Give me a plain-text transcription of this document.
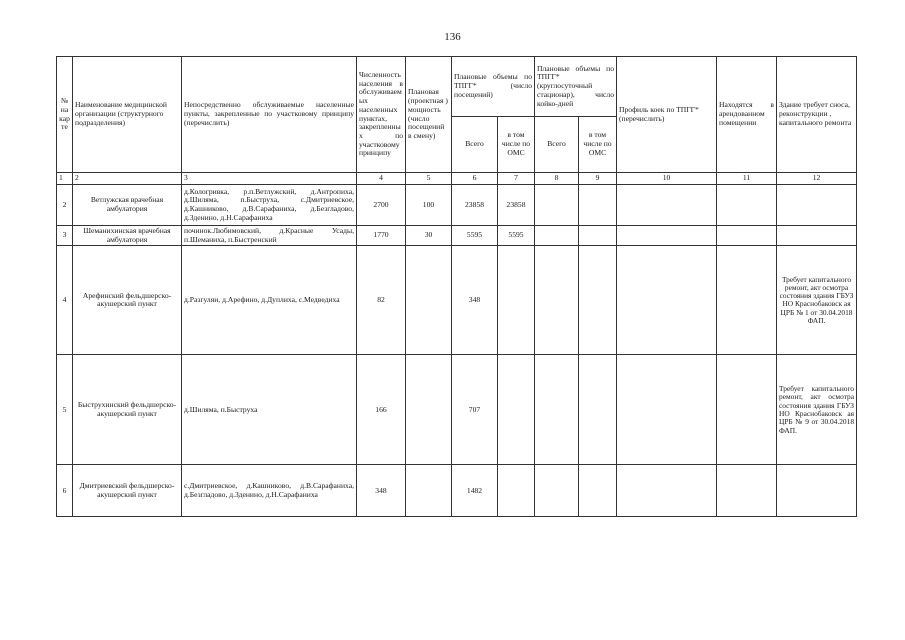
136
№ на кар те	Наименование медицинской организации (структурного подразделения)	Непосредственно обслуживаемые населенные пункты, закрепленные по участковому принципу (перечислить)	Численность населения в обслуживаем ых населенных пунктах, закрепленных по участковому принципу	Плановая (проектная ) мощность (число посещений в смену)	Плановые объемы по ТПГГ* (число посещений)		Плановые объемы по ТПГГ* (круглосуточный стационар), число койко-дней		Профиль коек по ТПГГ* (перечислить)	Находятся в арендованном помещении	Здание требует сноса, реконструкции , капитального ремонта
					Всего	в том числе по ОМС	Всего	в том числе по ОМС			
1	2	3	4	5	6	7	8	9	10	11	12
2	Ветлужская врачебная амбулатория	д.Кологривка, р.п.Ветлужский, д.Антропиха, д.Шиляма, п.Быструха, с.Дмитриевское, д.Кашниково, д.В.Сарафаниха, д.Безгладово, д.Зденино, д.Н.Сарафаниха	2700	100	23858	23858					
3	Шеманихинская врачебная амбулатория	починок.Любимовский, д.Красные Усады, п.Шеманиха, п.Быстренский	1770	30	5595	5595					
4	Арефинский фельдшерско-акушерский пункт	д.Разгуляи, д.Арефино, д.Дуплиха, с.Медведиха	82		348						Требует капитального ремонт, акт осмотра состояния здания ГБУЗ НО Краснобаковск ая ЦРБ № 1 от 30.04.2018 ФАП.
5	Быструхинский фельдшерско-акушерский пункт	д.Шиляма, п.Быструха	166		707						Требует капитального ремонт, акт осмотра состояния здания ГБУЗ НО Краснобаковск ая ЦРБ № 9 от 30.04.2018 ФАП.
6	Дмитриевский фельдшерско-акушерский пункт	с.Дмитриевское, д.Кашниково, д.В.Сарафаниха, д.Безгладово, д.Зденино, д.Н.Сарафаниха	348		1482						
